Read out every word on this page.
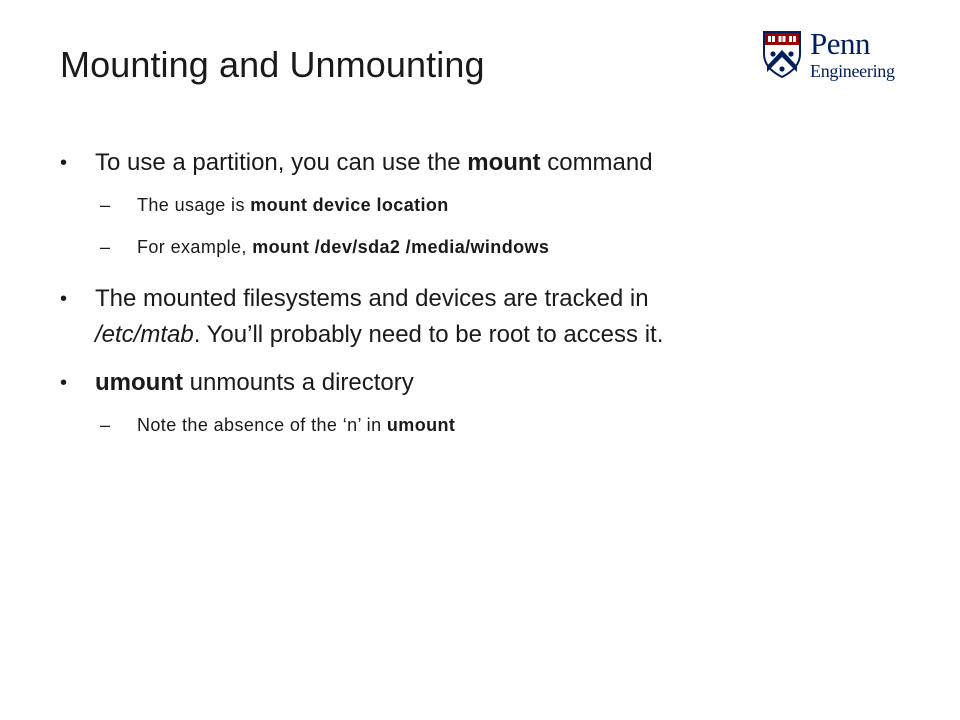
Mounting and Unmounting
Penn
Engineering
• To use a partition, you can use the mount command
– The usage is mount device location
– For example, mount /dev/sda2 /media/windows
• The mounted filesystems and devices are tracked in
/etc/mtab. You’ll probably need to be root to access it.
• umount unmounts a directory
– Note the absence of the ‘n’ in umount
